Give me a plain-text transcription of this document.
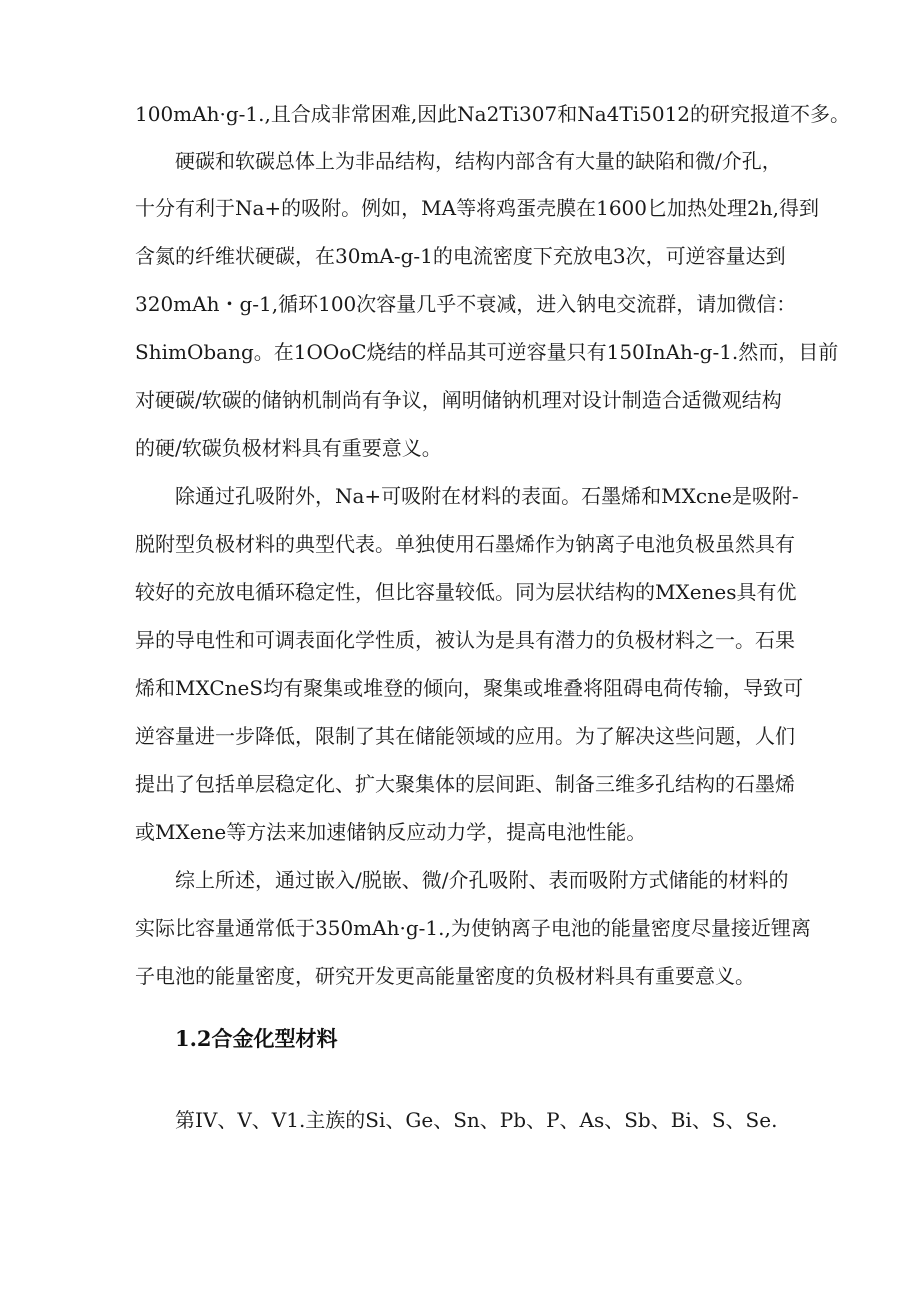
100mAh·g-1.,且合成非常困难,因此Na2Ti307和Na4Ti5012的研究报道不多。
硬碳和软碳总体上为非品结构，结构内部含有大量的缺陷和微/介孔，
十分有利于Na+的吸附。例如，MA等将鸡蛋壳膜在1600匕加热处理2h,得到
含氮的纤维状硬碳，在30mA-g-1的电流密度下充放电3次，可逆容量达到
320mAh・g-1,循环100次容量几乎不衰减，进入钠电交流群，请加微信：
ShimObang。在1OOoC烧结的样品其可逆容量只有150InAh-g-1.然而，目前
对硬碳/软碳的储钠机制尚有争议，阐明储钠机理对设计制造合适微观结构
的硬/软碳负极材料具有重要意义。
除通过孔吸附外，Na+可吸附在材料的表面。石墨烯和MXcne是吸附-
脱附型负极材料的典型代表。单独使用石墨烯作为钠离子电池负极虽然具有
较好的充放电循环稳定性，但比容量较低。同为层状结构的MXenes具有优
异的导电性和可调表面化学性质，被认为是具有潜力的负极材料之一。石果
烯和MXCneS均有聚集或堆登的倾向，聚集或堆叠将阻碍电荷传输，导致可
逆容量进一步降低，限制了其在储能领域的应用。为了解决这些问题，人们
提出了包括单层稳定化、扩大聚集体的层间距、制备三维多孔结构的石墨烯
或MXene等方法来加速储钠反应动力学，提高电池性能。
综上所述，通过嵌入/脱嵌、微/介孔吸附、表而吸附方式储能的材料的
实际比容量通常低于350mAh·g-1.,为使钠离子电池的能量密度尽量接近锂离
子电池的能量密度，研究开发更高能量密度的负极材料具有重要意义。
1.2合金化型材料
第IV、V、V1.主族的Si、Ge、Sn、Pb、P、As、Sb、Bi、S、Se.
